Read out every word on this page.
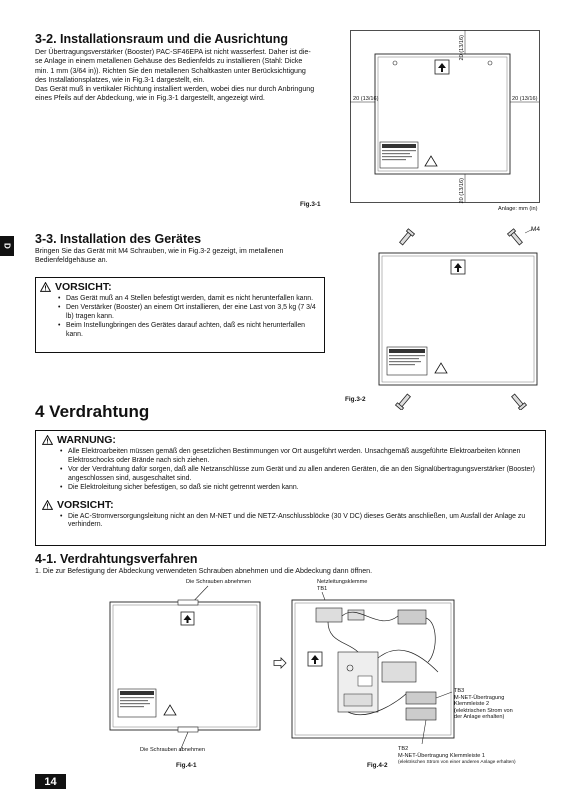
D
3-2. Installationsraum und die Ausrichtung
Der Übertragungsverstärker (Booster) PAC-SF46EPA ist nicht wasserfest. Daher ist die-
se Anlage in einem metallenen Gehäuse des Bedienfelds zu installieren (Stahl: Dicke
min. 1 mm (3/64 in)). Richten Sie den metallenen Schaltkasten unter Berücksichtigung
des Installationsplatzes, wie in Fig.3-1 dargestellt, ein.
Das Gerät muß in vertikaler Richtung installiert werden, wobei dies nur durch Anbringung
eines Pfeils auf der Abdeckung, wie in Fig.3-1 dargestellt, angezeigt wird.
20 (13/16)
20 (13/16)	20 (13/16)
20 (13/16)
Fig.3-1
Anlage: mm (in)
3-3. Installation des Gerätes
Bringen Sie das Gerät mit M4 Schrauben, wie in Fig.3-2 gezeigt, im metallenen
Bedienfeldgehäuse an.
VORSICHT:
• Das Gerät muß an 4 Stellen befestigt werden, damit es nicht herunterfallen kann.
• Den Verstärker (Booster) an einem Ort installieren, der eine Last von 3,5 kg (7 3/4 lb) tragen kann.
• Beim Instellungbringen des Gerätes darauf achten, daß es nicht herunterfallen kann.
M4
Fig.3-2
4 Verdrahtung
WARNUNG:
• Alle Elektroarbeiten müssen gemäß den gesetzlichen Bestimmungen vor Ort ausgeführt werden. Unsachgemäß ausgeführte Elektroarbeiten können Elektroschocks oder Brände nach sich ziehen.
• Vor der Verdrahtung dafür sorgen, daß alle Netzanschlüsse zum Gerät und zu allen anderen Geräten, die an den Signalübertragungsverstärker (Booster) angeschlossen sind, ausgeschaltet sind.
• Die Elektroleitung sicher befestigen, so daß sie nicht getrennt werden kann.
VORSICHT:
• Die AC-Stromversorgungsleitung nicht an den M-NET und die NETZ-Anschlussblöcke (30 V DC) dieses Geräts anschließen, um Ausfall der Anlage zu verhindern.
4-1. Verdrahtungsverfahren
1. Die zur Befestigung der Abdeckung verwendeten Schrauben abnehmen und die Abdeckung dann öffnen.
Die Schrauben abnehmen
Die Schrauben abnehmen
Fig.4-1
Netzleitungsklemme
TB1
TB3
M-NET-Übertragung
Klemmleiste 2
(elektrischen Strom von
der Anlage erhalten)
TB2
M-NET-Übertragung Klemmleiste 1
(elektrischen Strom von einer anderen Anlage erhalten)
Fig.4-2
14
